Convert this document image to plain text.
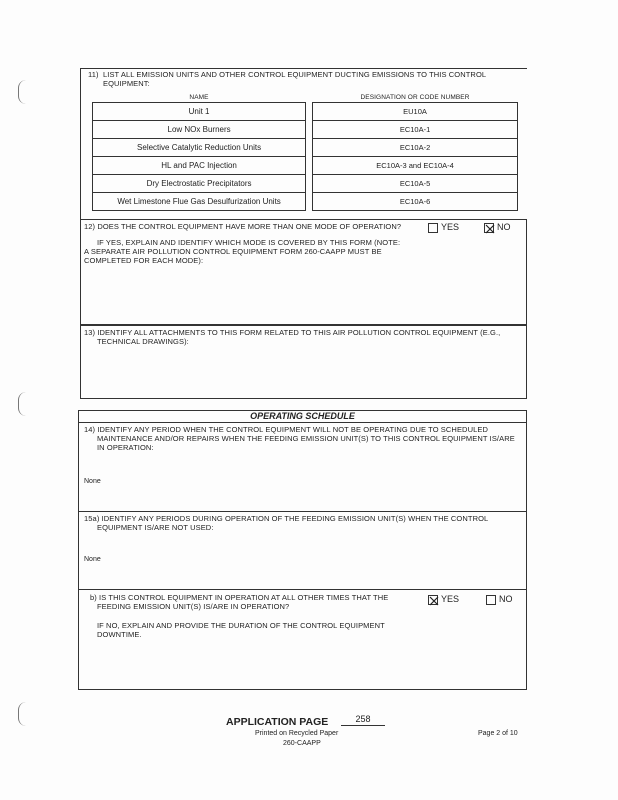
11) LIST ALL EMISSION UNITS AND OTHER CONTROL EQUIPMENT DUCTING EMISSIONS TO THIS CONTROL
EQUIPMENT:
NAME	DESIGNATION OR CODE NUMBER
Unit 1		EU10A
Low NOx Burners		EC10A-1
Selective Catalytic Reduction Units		EC10A-2
HL and PAC Injection		EC10A-3 and EC10A-4
Dry Electrostatic Precipitators		EC10A-5
Wet Limestone Flue Gas Desulfurization Units		EC10A-6
12) DOES THE CONTROL EQUIPMENT HAVE MORE THAN ONE MODE OF OPERATION?	YES	NO
IF YES, EXPLAIN AND IDENTIFY WHICH MODE IS COVERED BY THIS FORM (NOTE:
A SEPARATE AIR POLLUTION CONTROL EQUIPMENT FORM 260-CAAPP MUST BE
COMPLETED FOR EACH MODE):
13) IDENTIFY ALL ATTACHMENTS TO THIS FORM RELATED TO THIS AIR POLLUTION CONTROL EQUIPMENT (E.G.,
TECHNICAL DRAWINGS):
OPERATING SCHEDULE
14) IDENTIFY ANY PERIOD WHEN THE CONTROL EQUIPMENT WILL NOT BE OPERATING DUE TO SCHEDULED
MAINTENANCE AND/OR REPAIRS WHEN THE FEEDING EMISSION UNIT(S) TO THIS CONTROL EQUIPMENT IS/ARE
IN OPERATION:
None
15a) IDENTIFY ANY PERIODS DURING OPERATION OF THE FEEDING EMISSION UNIT(S) WHEN THE CONTROL
EQUIPMENT IS/ARE NOT USED:
None
b) IS THIS CONTROL EQUIPMENT IN OPERATION AT ALL OTHER TIMES THAT THE
FEEDING EMISSION UNIT(S) IS/ARE IN OPERATION?
YES	NO
IF NO, EXPLAIN AND PROVIDE THE DURATION OF THE CONTROL EQUIPMENT
DOWNTIME.
APPLICATION PAGE	258
Printed on Recycled Paper
260-CAAPP
Page 2 of 10
